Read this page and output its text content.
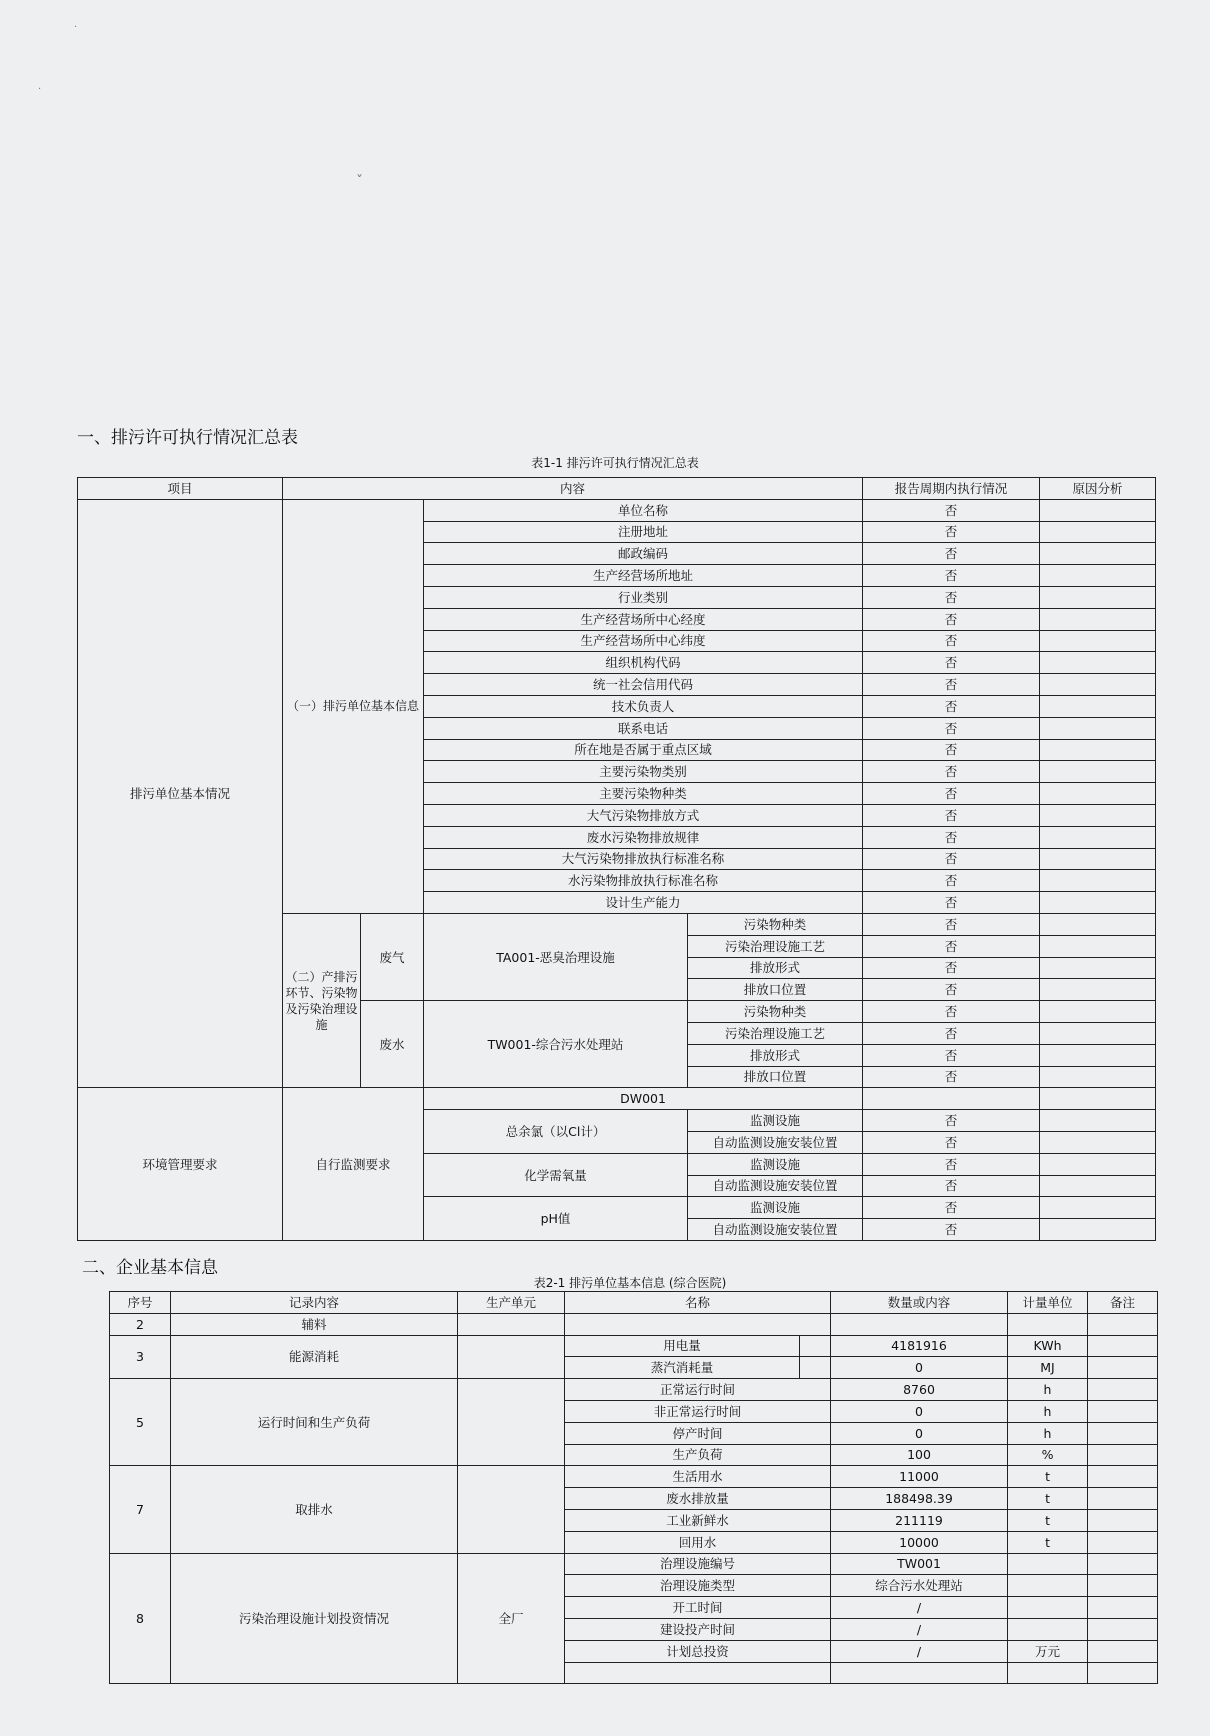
·
·
ˇ
一、排污许可执行情况汇总表
表1-1 排污许可执行情况汇总表
项目	内容				报告周期内执行情况	原因分析
排污单位基本情况	（一）排污单位基本信息		单位名称		否	
			注册地址		否	
			邮政编码		否	
			生产经营场所地址		否	
			行业类别		否	
			生产经营场所中心经度		否	
			生产经营场所中心纬度		否	
			组织机构代码		否	
			统一社会信用代码		否	
			技术负责人		否	
			联系电话		否	
			所在地是否属于重点区域		否	
			主要污染物类别		否	
			主要污染物种类		否	
			大气污染物排放方式		否	
			废水污染物排放规律		否	
			大气污染物排放执行标准名称		否	
			水污染物排放执行标准名称		否	
			设计生产能力		否	
	（二）产排污环节、污染物及污染治理设施	废气	TA001-恶臭治理设施	污染物种类	否	
				污染治理设施工艺	否	
				排放形式	否	
				排放口位置	否	
		废水	TW001-综合污水处理站	污染物种类	否	
				污染治理设施工艺	否	
				排放形式	否	
				排放口位置	否	
环境管理要求	自行监测要求		DW001			
			总余氯（以Cl计）	监测设施	否	
				自动监测设施安装位置	否	
			化学需氧量	监测设施	否	
				自动监测设施安装位置	否	
			pH值	监测设施	否	
				自动监测设施安装位置	否	
二、企业基本信息
表2-1 排污单位基本信息 (综合医院)
序号	记录内容	生产单元	名称		数量或内容	计量单位	备注
2	辅料						
3	能源消耗		用电量		4181916	KWh	
			蒸汽消耗量		0	MJ	
5	运行时间和生产负荷		正常运行时间		8760	h	
			非正常运行时间		0	h	
			停产时间		0	h	
			生产负荷		100	%	
7	取排水		生活用水		11000	t	
			废水排放量		188498.39	t	
			工业新鲜水		211119	t	
			回用水		10000	t	
8	污染治理设施计划投资情况	全厂	治理设施编号		TW001		
			治理设施类型		综合污水处理站		
			开工时间		/		
			建设投产时间		/		
			计划总投资		/	万元	
